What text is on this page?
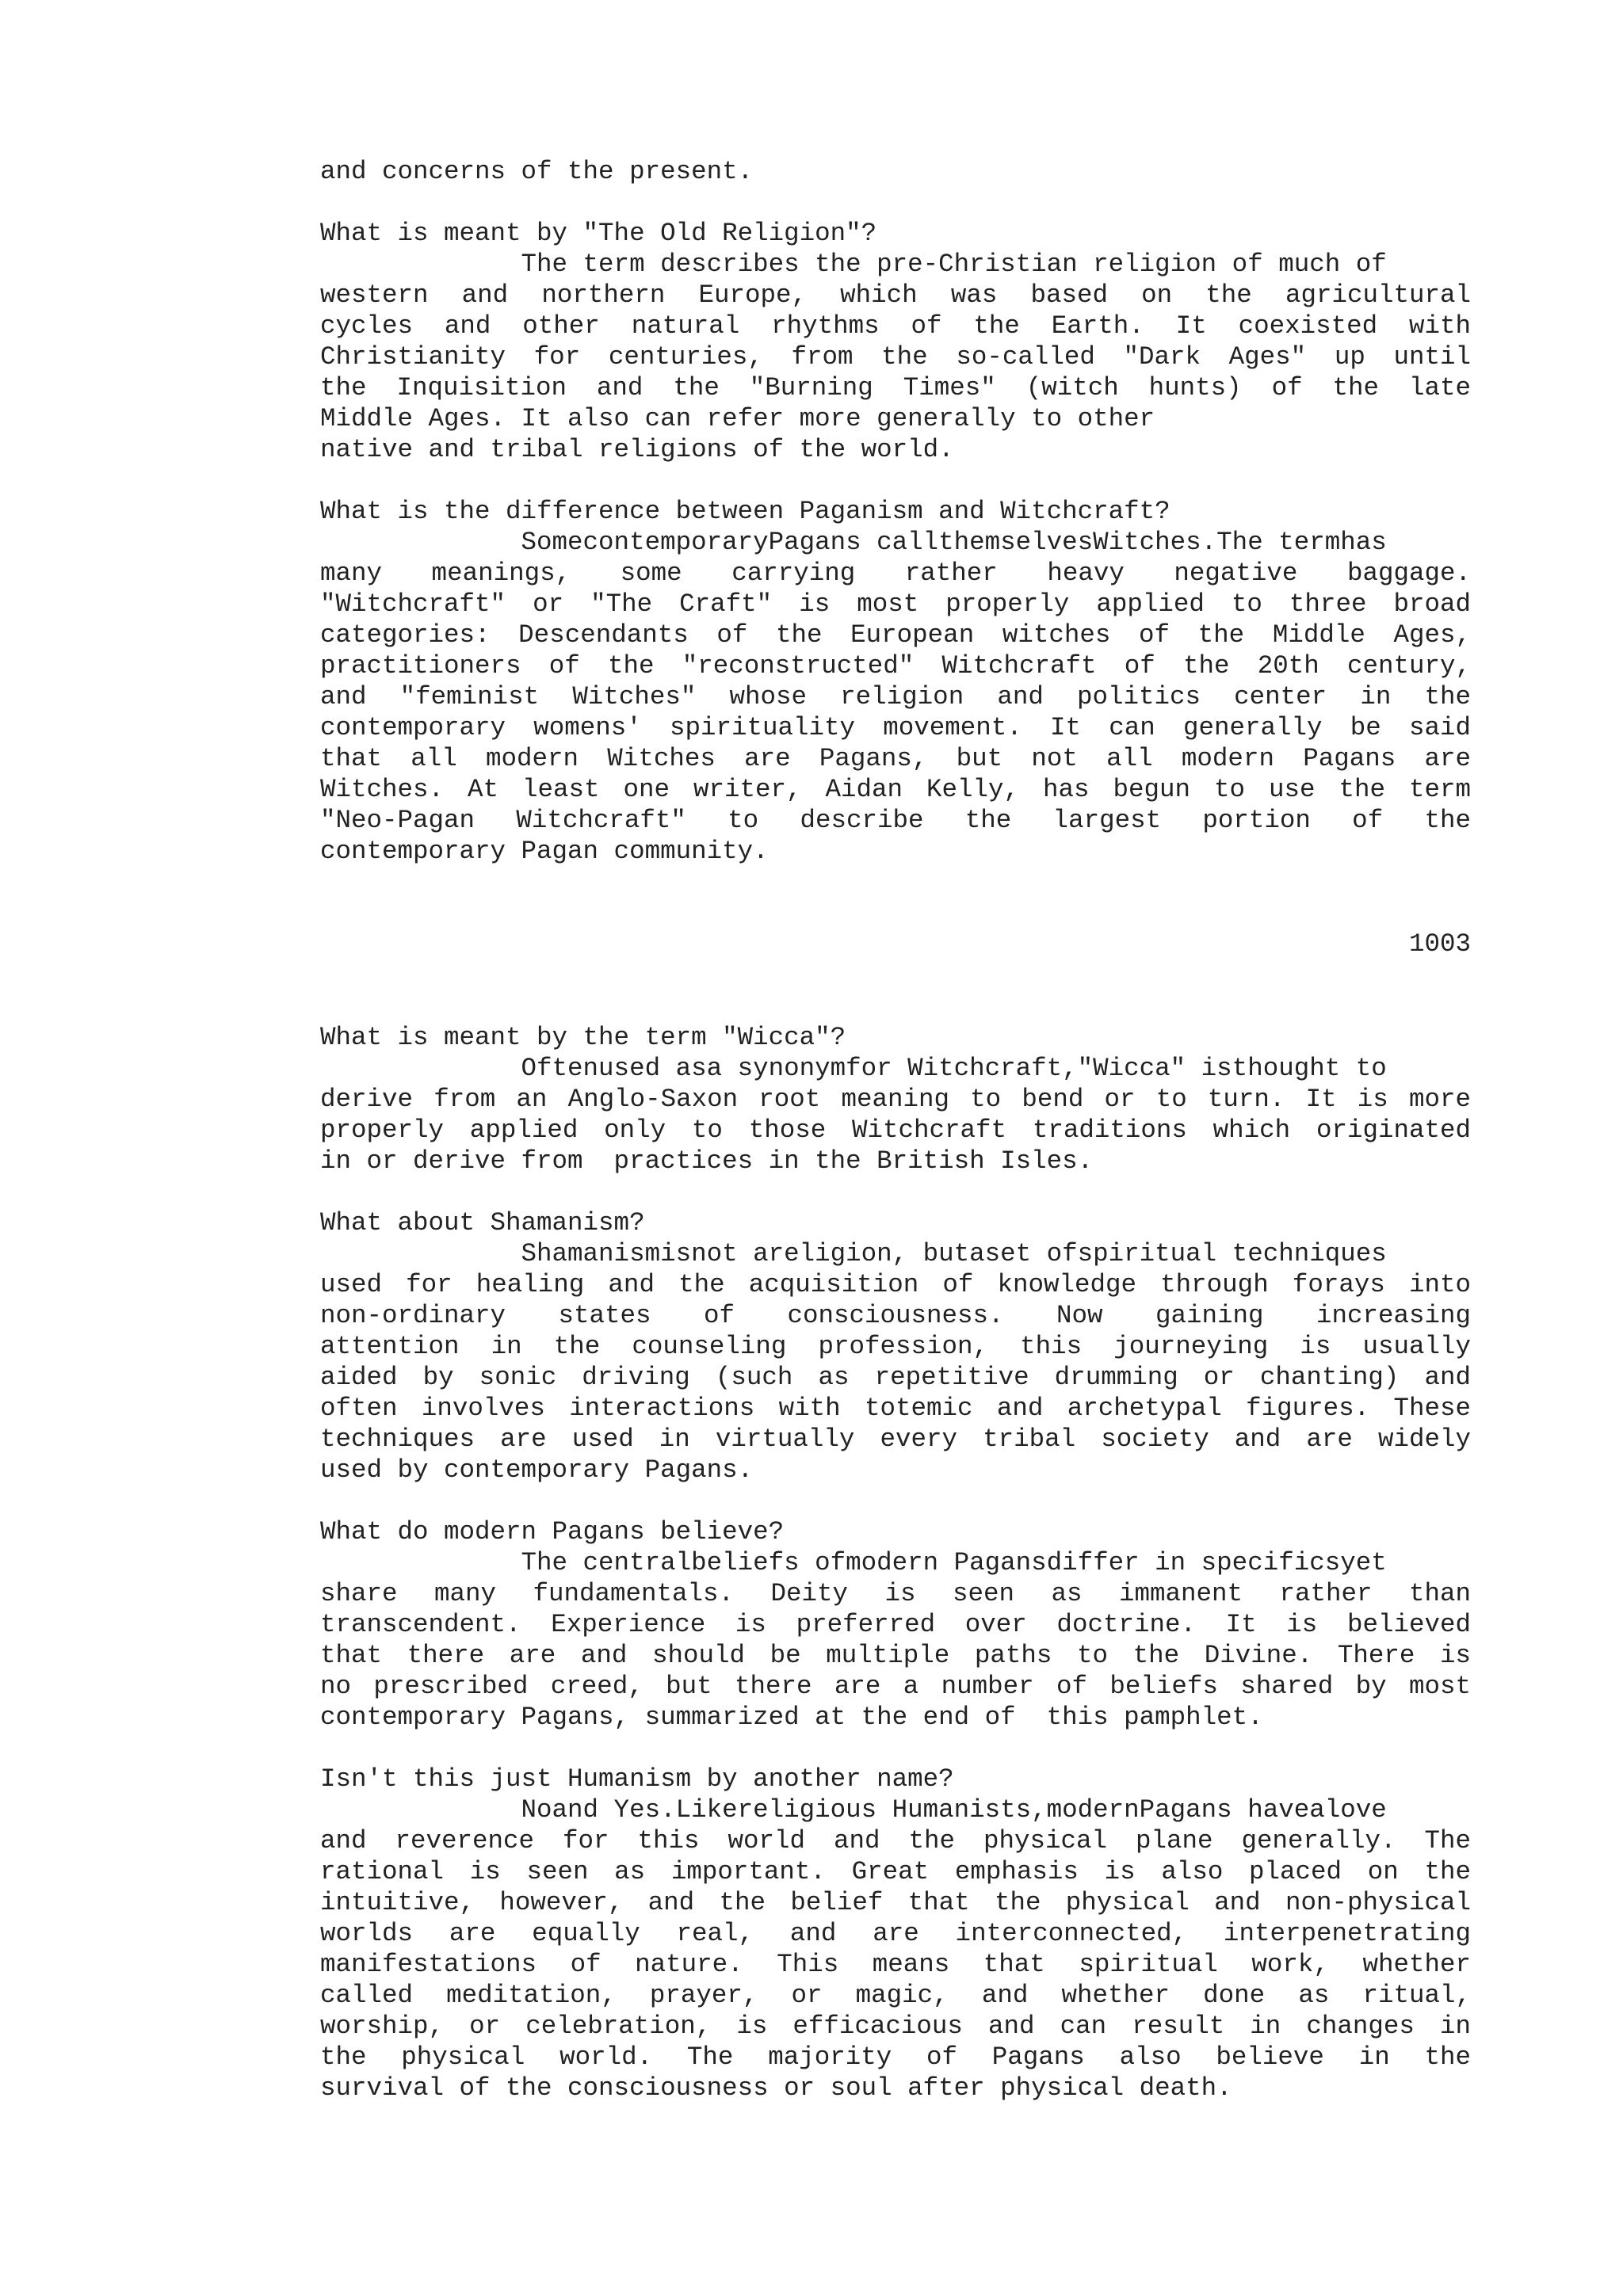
and concerns of the present.
What is meant by "The Old Religion"?
The term describes the pre-Christian religion of much of
western and northern Europe, which was based on the agricultural
cycles and other natural rhythms of the Earth. It coexisted with
Christianity for centuries, from the so-called "Dark Ages" up until
the Inquisition and the "Burning Times" (witch hunts) of the late
Middle Ages. It also can refer more generally to other
native and tribal religions of the world.
What is the difference between Paganism and Witchcraft?
SomecontemporaryPagans callthemselvesWitches.The termhas
many meanings, some carrying rather heavy negative baggage.
"Witchcraft" or "The Craft" is most properly applied to three broad
categories: Descendants of the European witches of the Middle Ages,
practitioners of the "reconstructed" Witchcraft of the 20th century,
and "feminist Witches" whose religion and politics center in the
contemporary womens' spirituality movement. It can generally be said
that all modern Witches are Pagans, but not all modern Pagans are
Witches. At least one writer, Aidan Kelly, has begun to use the term
"Neo-Pagan Witchcraft" to describe the largest portion of the
contemporary Pagan community.
1003
What is meant by the term "Wicca"?
Oftenused asa synonymfor Witchcraft,"Wicca" isthought to
derive from an Anglo-Saxon root meaning to bend or to turn. It is more
properly applied only to those Witchcraft traditions which originated
in or derive from  practices in the British Isles.
What about Shamanism?
Shamanismisnot areligion, butaset ofspiritual techniques
used for healing and the acquisition of knowledge through forays into
non-ordinary states of consciousness. Now gaining increasing
attention in the counseling profession, this journeying is usually
aided by sonic driving (such as repetitive drumming or chanting) and
often involves interactions with totemic and archetypal figures. These
techniques are used in virtually every tribal society and are widely
used by contemporary Pagans.
What do modern Pagans believe?
The centralbeliefs ofmodern Pagansdiffer in specificsyet
share many fundamentals. Deity is seen as immanent rather than
transcendent. Experience is preferred over doctrine. It is believed
that there are and should be multiple paths to the Divine. There is
no prescribed creed, but there are a number of beliefs shared by most
contemporary Pagans, summarized at the end of  this pamphlet.
Isn't this just Humanism by another name?
Noand Yes.Likereligious Humanists,modernPagans havealove
and reverence for this world and the physical plane generally. The
rational is seen as important. Great emphasis is also placed on the
intuitive, however, and the belief that the physical and non-physical
worlds are equally real, and are interconnected, interpenetrating
manifestations of nature. This means that spiritual work, whether
called meditation, prayer, or magic, and whether done as ritual,
worship, or celebration, is efficacious and can result in changes in
the physical world. The majority of Pagans also believe in the
survival of the consciousness or soul after physical death.
